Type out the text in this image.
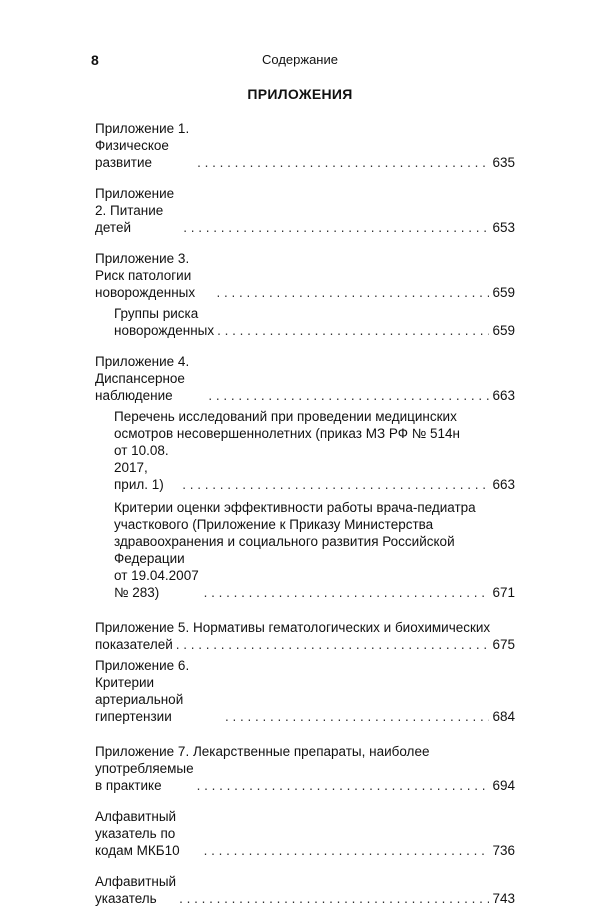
8	Содержание
ПРИЛОЖЕНИЯ
Приложение 1. Физическое развитие . . .	635
Приложение 2. Питание детей . . .	653
Приложение 3. Риск патологии новорожденных . . .	659
Группы риска новорожденных . . .	659
Приложение 4. Диспансерное наблюдение . . .	663
Перечень исследований при проведении медицинских
осмотров несовершеннолетних (приказ МЗ РФ № 514н
от 10.08. 2017, прил. 1) . . .	663
Критерии оценки эффективности работы врача-педиатра
участкового (Приложение к Приказу Министерства
здравоохранения и социального развития Российской
Федерации от 19.04.2007 № 283) . . .	671
Приложение 5. Нормативы гематологических и биохимических
показателей . . .	675
Приложение 6. Критерии артериальной гипертензии . . .	684
Приложение 7. Лекарственные препараты, наиболее
употребляемые в практике . . .	694
Алфавитный указатель по кодам МКБ10 . . .	736
Алфавитный указатель . . .	743
